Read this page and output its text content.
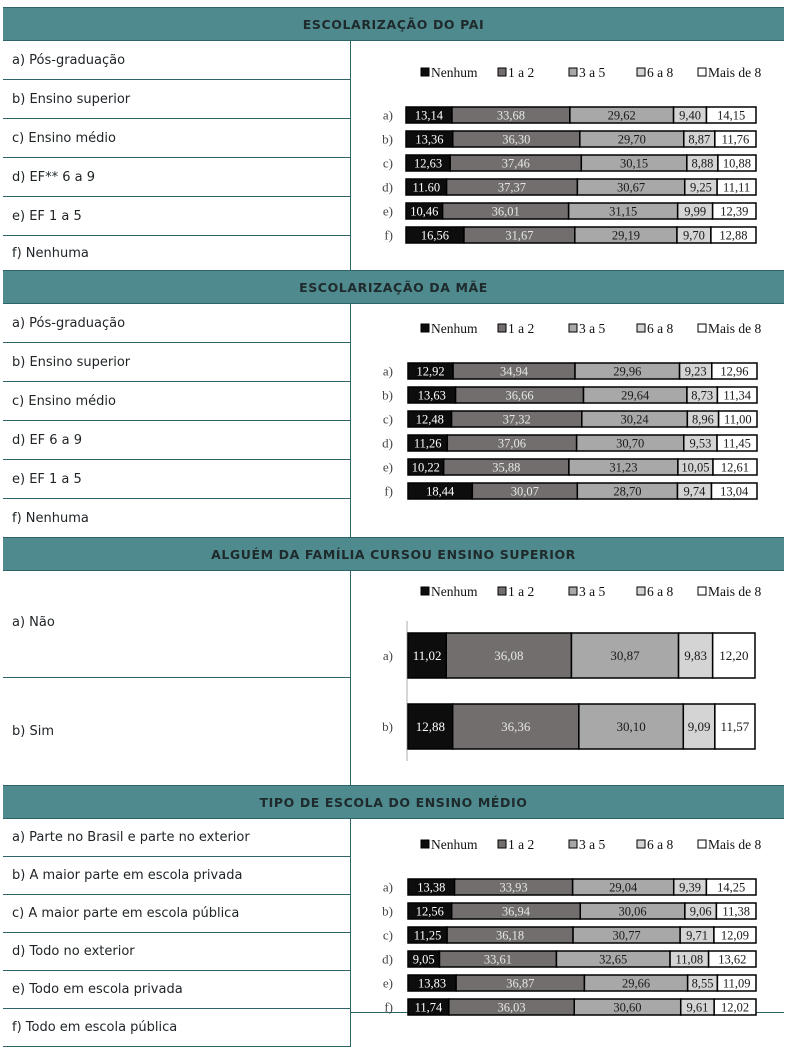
ESCOLARIZAÇÃO DO PAI
a) Pós-graduação
b) Ensino superior
c) Ensino médio
d) EF** 6 a 9
e) EF 1 a 5
f) Nenhuma
Nenhum 1 a 2	3 a 5	6 a 8	Mais de 8
a) 13,14	33,68	29,62	9,40 14,15
b) 13,36	36,30	29,70	8,87 11,76
c) 12,63	37,46	30,15	8,88 10,88
d) 11.60	37,37	30,67	9,25 11,11
e) 10,46	36,01	31,15	9,99 12,39
f) 16,56	31,67	29,19	9,70 12,88
ESCOLARIZAÇÃO DA MÃE
a) Pós-graduação
b) Ensino superior
c) Ensino médio
d) EF 6 a 9
e) EF 1 a 5
f) Nenhuma
Nenhum 1 a 2	3 a 5	6 a 8	Mais de 8
a) 12,92	34,94	29,96	9,23 12,96
b) 13,63	36,66	29,64	8,73 11,34
c) 12,48	37,32	30,24	8,96 11,00
d) 11,26	37,06	30,70	9,53 11,45
e) 10,22	35,88	31,23	10,05 12,61
f)	18,44	30,07	28,70	9,74 13,04
ALGUÉM DA FAMÍLIA CURSOU ENSINO SUPERIOR
a) Não
b) Sim
Nenhum 1 a 2	3 a 5	6 a 8	Mais de 8
a) 11,02	36,08	30,87	9,83 12,20
b) 12,88	36,36	30,10	9,09 11,57
TIPO DE ESCOLA DO ENSINO MÉDIO
a) Parte no Brasil e parte no exterior
b) A maior parte em escola privada
c) A maior parte em escola pública
d) Todo no exterior
e) Todo em escola privada
f) Todo em escola pública
Nenhum 1 a 2	3 a 5	6 a 8	Mais de 8
a) 13,38	33,93	29,04	9,39 14,25
b) 12,56	36,94	30,06	9,06 11,38
c) 11,25	36,18	30,77	9,71 12,09
d) 9,05	33,61	32,65	11,08 13,62
e) 13,83	36,87	29,66	8,55 11,09
f) 11,74	36,03	30,60	9,61 12,02
